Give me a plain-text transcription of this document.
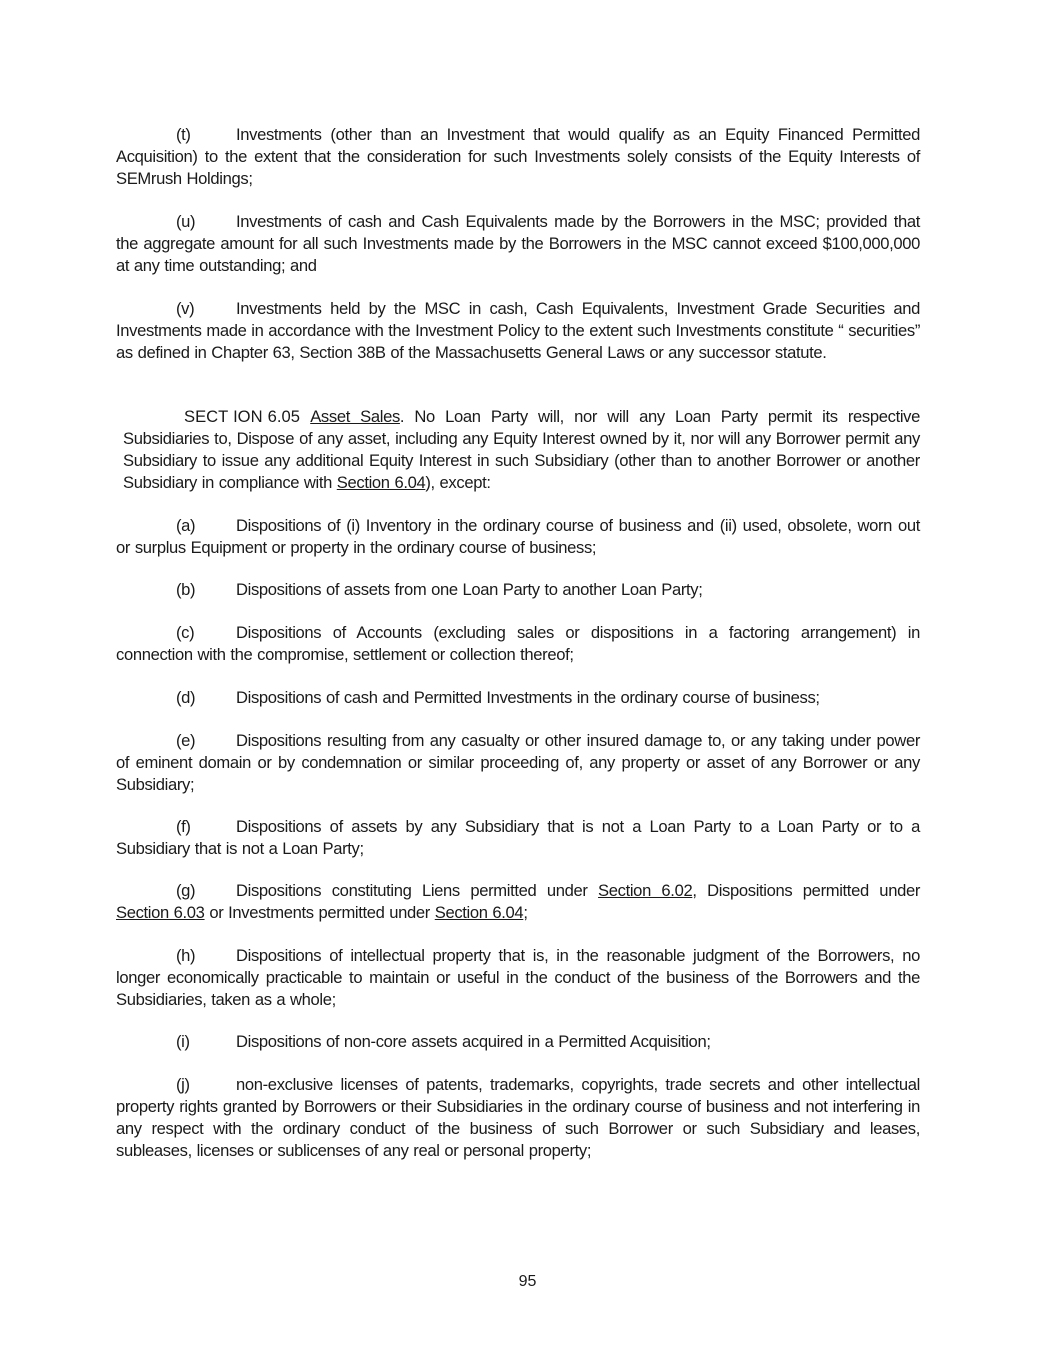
(t)	Investments (other than an Investment that would qualify as an Equity Financed Permitted Acquisition) to the extent that the consideration for such Investments solely consists of the Equity Interests of SEMrush Holdings;
(u) Investments of cash and Cash Equivalents made by the Borrowers in the MSC; provided that the aggregate amount for all such Investments made by the Borrowers in the MSC cannot exceed $100,000,000 at any time outstanding; and
(v)	Investments held by the MSC in cash, Cash Equivalents, Investment Grade Securities and Investments made in accordance with the Investment Policy to the extent such Investments constitute “ securities” as defined in Chapter 63, Section 38B of the Massachusetts General Laws or any successor statute.
SECT ION 6.05 Asset Sales. No Loan Party will, nor will any Loan Party permit its respective Subsidiaries to, Dispose of any asset, including any Equity Interest owned by it, nor will any Borrower permit any Subsidiary to issue any additional Equity Interest in such Subsidiary (other than to another Borrower or another Subsidiary in compliance with Section 6.04), except:
(a) Dispositions of (i) Inventory in the ordinary course of business and (ii) used, obsolete, worn out or surplus Equipment or property in the ordinary course of business;
(b) Dispositions of assets from one Loan Party to another Loan Party;
(c)	Dispositions of Accounts (excluding sales or dispositions in a factoring arrangement) in connection with the compromise, settlement or collection thereof;
(d) Dispositions of cash and Permitted Investments in the ordinary course of business;
(e) Dispositions resulting from any casualty or other insured damage to, or any taking under power of eminent domain or by condemnation or similar proceeding of, any property or asset of any Borrower or any Subsidiary;
(f)	Dispositions of assets by any Subsidiary that is not a Loan Party to a Loan Party or to a Subsidiary that is not a Loan Party;
(g) Dispositions constituting Liens permitted under Section 6.02, Dispositions permitted under Section 6.03 or Investments permitted under Section 6.04;
(h) Dispositions of intellectual property that is, in the reasonable judgment of the Borrowers, no longer economically practicable to maintain or useful in the conduct of the business of the Borrowers and the Subsidiaries, taken as a whole;
(i)	Dispositions of non-core assets acquired in a Permitted Acquisition;
(j)	non-exclusive licenses of patents, trademarks, copyrights, trade secrets and other intellectual property rights granted by Borrowers or their Subsidiaries in the ordinary course of business and not interfering in any respect with the ordinary conduct of the business of such Borrower or such Subsidiary and leases, subleases, licenses or sublicenses of any real or personal property;
95
